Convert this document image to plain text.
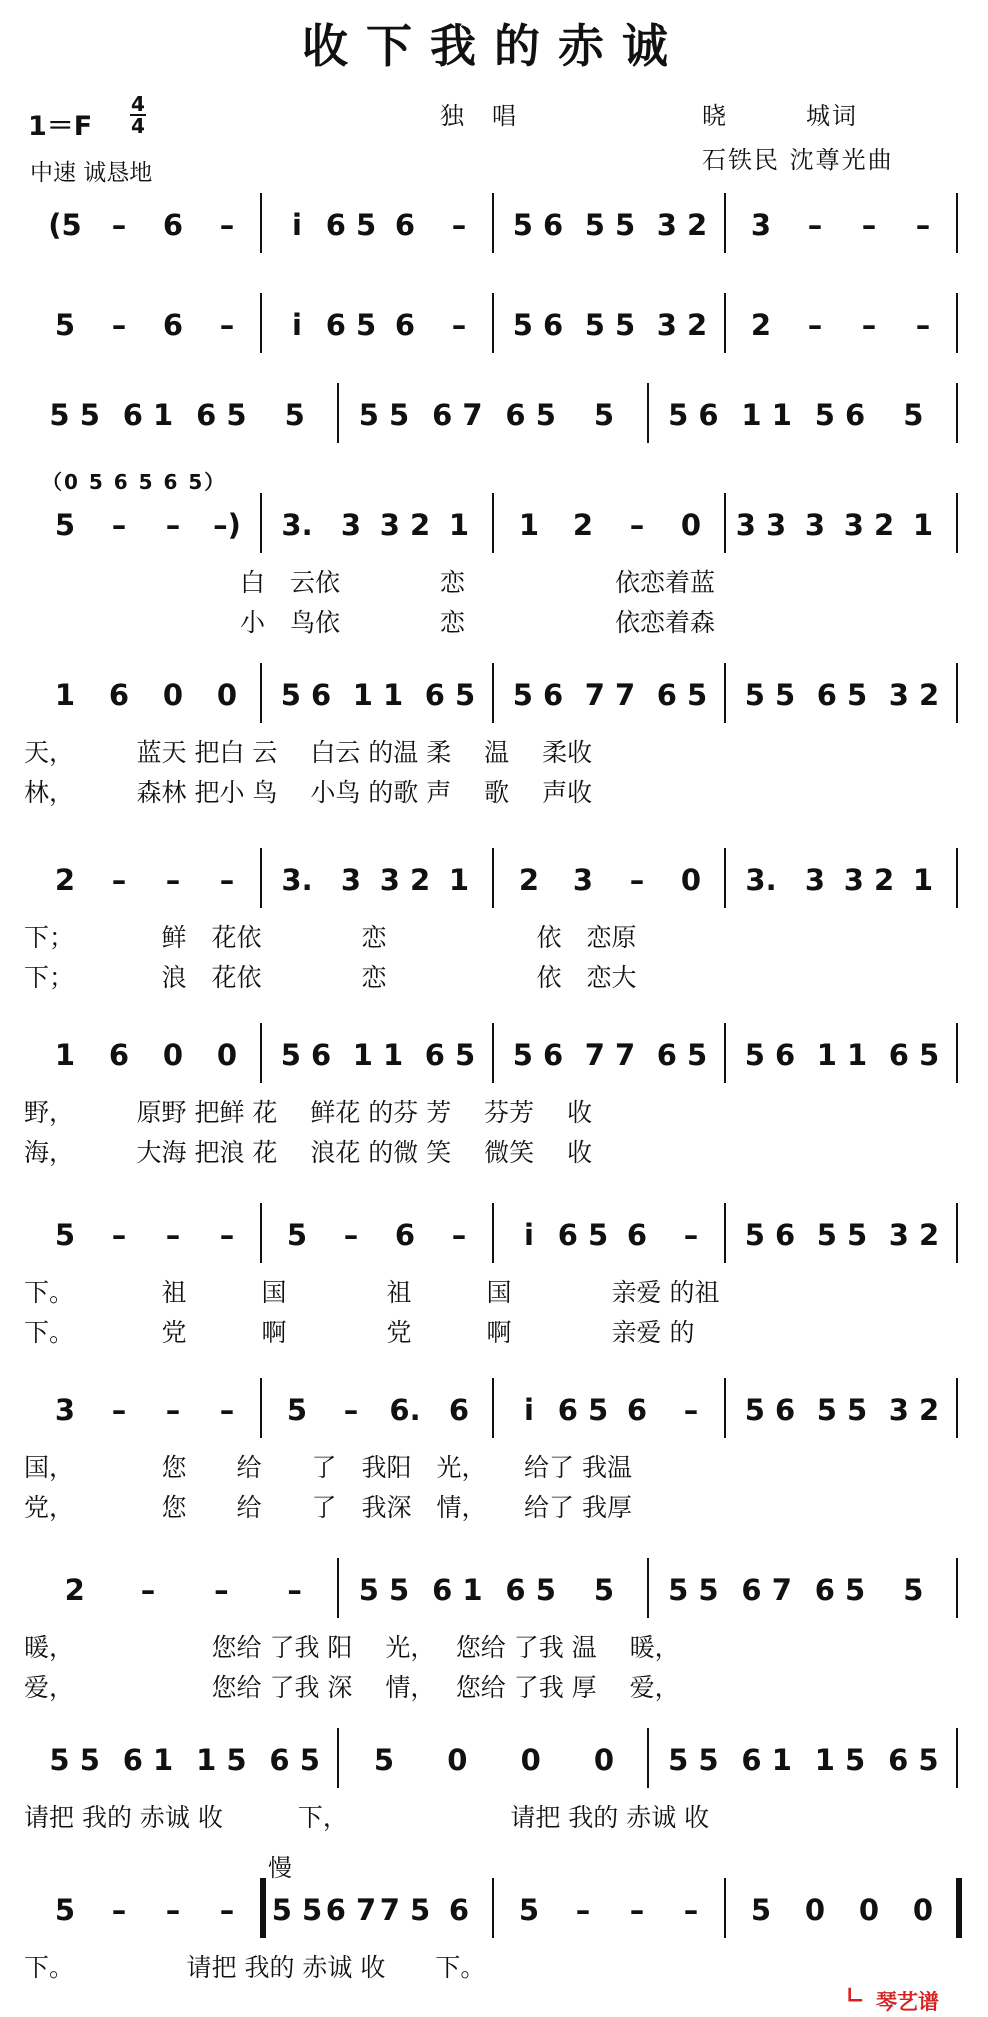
收下我的赤诚
1＝F
4
4
中速 诚恳地
独唱	晓　　　城词
石铁民 沈尊光曲
（0 5 6 5 6 5）
慢
∟ 琴艺谱
(5 – 6 – i 6 5 6 – 5 6 5 5 3 2 3 – – –
5 – 6 – i 6 5 6 – 5 6 5 5 3 2 2 – – –
5 5 6 1 6 5 5 5 5 6 7 6 5 5 5 6 1 1 5 6 5
5 – – –) 3. 3 3 2 1 1 2 – 0 3 3 3 3 2 1
白　云依　　　　恋　　　　　　依恋着蓝
小　鸟依　　　　恋　　　　　　依恋着森
1 6 0 0 5 6 1 1 6 5 5 6 7 7 6 5 5 5 6 5 3 2
天，　　　蓝天 把白 云　 白云 的温 柔　 温　 柔收
林，　　　森林 把小 鸟　 小鸟 的歌 声　 歌　 声收
2 – – – 3. 3 3 2 1 2 3 – 0 3. 3 3 2 1
下；　　　　鲜　花依　　　　恋　　　　　　依　恋原
下；　　　　浪　花依　　　　恋　　　　　　依　恋大
1 6 0 0 5 6 1 1 6 5 5 6 7 7 6 5 5 6 1 1 6 5
野，　　　原野 把鲜 花　 鲜花 的芬 芳　 芬芳　 收
海，　　　大海 把浪 花　 浪花 的微 笑　 微笑　 收
5 – – – 5 – 6 – i 6 5 6 – 5 6 5 5 3 2
下。　　　　祖　　　国　　　　祖　　　国　　　　亲爱 的祖
下。　　　　党　　　啊　　　　党　　　啊　　　　亲爱 的
3 – – – 5 – 6. 6 i 6 5 6 – 5 6 5 5 3 2
国，　　　　您　　给　　了　我阳　光，　　给了 我温
党，　　　　您　　给　　了　我深　情，　　给了 我厚
2 – – – 5 5 6 1 6 5 5 5 5 6 7 6 5 5
暖，　　　　　　您给 了我 阳　 光，　 您给 了我 温　 暖，
爱，　　　　　　您给 了我 深　 情，　 您给 了我 厚　 爱，
5 5 6 1 1 5 6 5 5 0 0 0 5 5 6 1 1 5 6 5
请把 我的 赤诚 收　　　下，　　　　　　　请把 我的 赤诚 收
5 – – – 5 5 6 7 7 5 6 5 – – – 5 0 0 0
下。　　　　　请把 我的 赤诚 收　　下。
